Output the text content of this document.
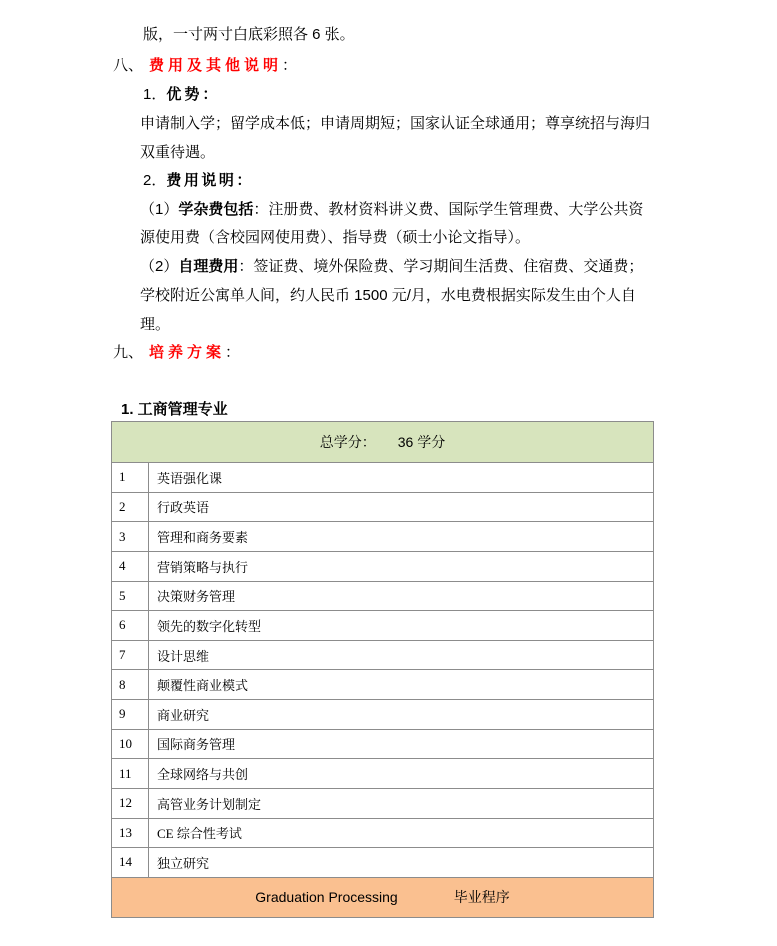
版，一寸两寸白底彩照各 6 张。
八、 费用及其他说明 ：
1． 优势：
申请制入学；留学成本低；申请周期短；国家认证全球通用；尊享统招与海归
双重待遇。
2． 费用说明：
（1） 学杂费包括 ：注册费、教材资料讲义费、国际学生管理费、大学公共资
源使用费（含校园网使用费）、指导费（硕士小论文指导）。
（2） 自理费用 ：签证费、境外保险费、学习期间生活费、住宿费、交通费；
学校附近公寓单人间，约人民币 1500 元/月，水电费根据实际发生由个人自
理。
九、 培养方案 ：
1. 工商管理专业
总学分： 36 学分
1	英语强化课
2	行政英语
3	管理和商务要素
4	营销策略与执行
5	决策财务管理
6	领先的数字化转型
7	设计思维
8	颠覆性商业模式
9	商业研究
10	国际商务管理
11	全球网络与共创
12	高管业务计划制定
13	CE 综合性考试
14	独立研究
Graduation Processing	毕业程序
